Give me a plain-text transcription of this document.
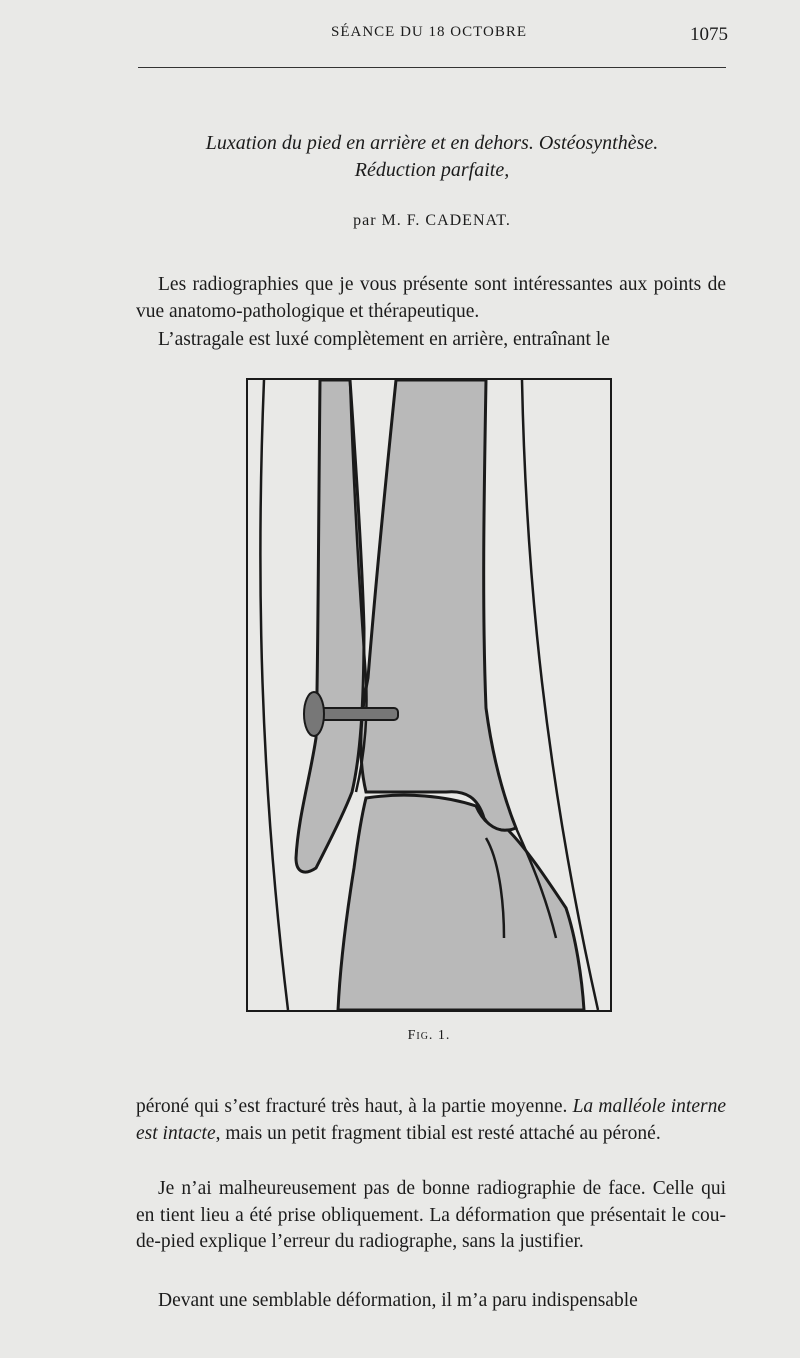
SÉANCE DU 18 OCTOBRE	1075
Luxation du pied en arrière et en dehors. Ostéosynthèse.
Réduction parfaite,
par M. F. CADENAT.

Les radiographies que je vous présente sont intéressantes aux points de vue anatomo-pathologique et thérapeutique.

L’astragale est luxé complètement en arrière, entraînant le

Fig. 1.

péroné qui s’est fracturé très haut, à la partie moyenne. La malléole interne est intacte, mais un petit fragment tibial est resté attaché au péroné.

Je n’ai malheureusement pas de bonne radiographie de face. Celle qui en tient lieu a été prise obliquement. La déformation que présentait le cou-de-pied explique l’erreur du radiographe, sans la justifier.

Devant une semblable déformation, il m’a paru indispensable
